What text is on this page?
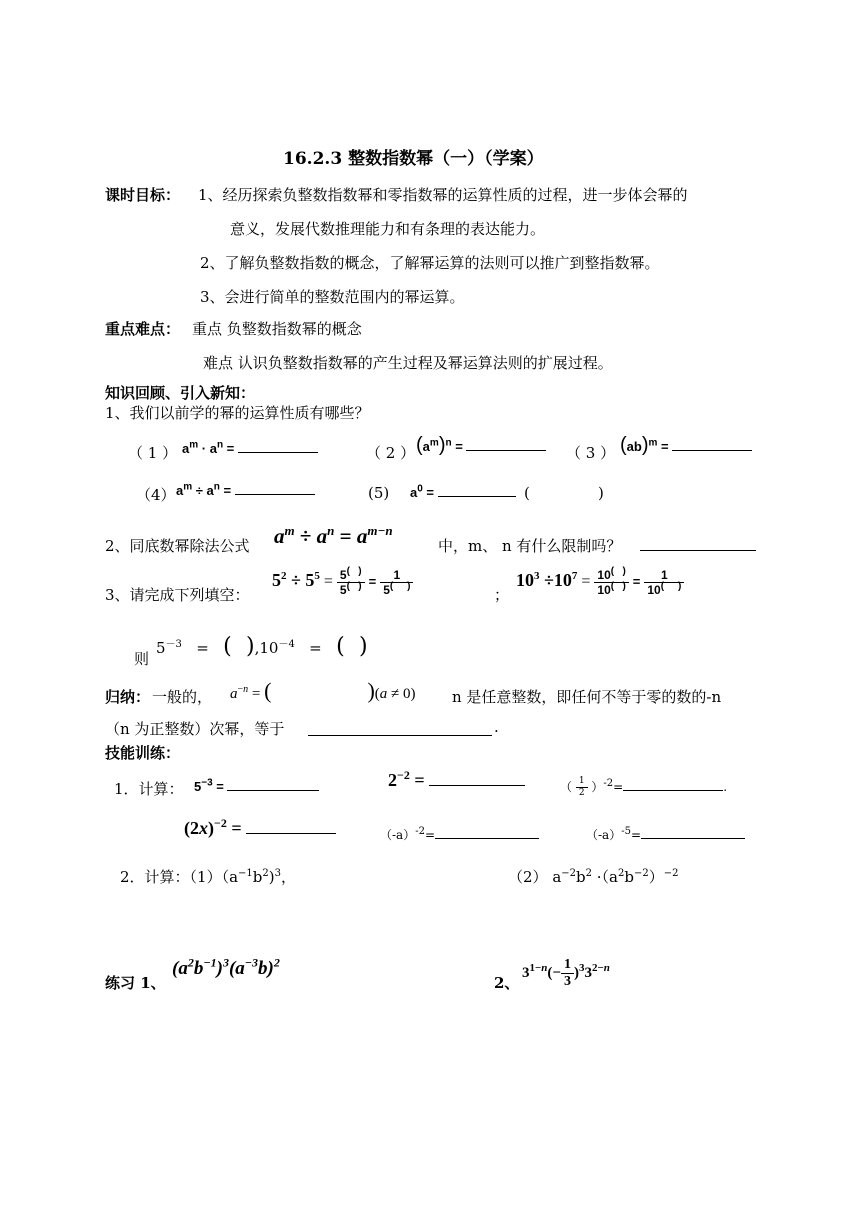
16.2.3 整数指数幂（一）（学案）
课时目标： 1、经历探索负整数指数幂和零指数幂的运算性质的过程，进一步体会幂的
意义，发展代数推理能力和有条理的表达能力。
2、了解负整数指数的概念，了解幂运算的法则可以推广到整指数幂。
3、会进行简单的整数范围内的幂运算。
重点难点： 重点 负整数指数幂的概念
难点 认识负整数指数幂的产生过程及幂运算法则的扩展过程。
知识回顾、引入新知：
1、我们以前学的幂的运算性质有哪些？
（ 1 ） $a^m \cdot a^n$ =	（ 2 ） $(a^m)^n$ =	（ 3 ） (ab)$^m$ =
（4） $a^m \div a^n$ =	(5) $a^0$ =	(	)
2、同底数幂除法公式 $a^m \div a^n = a^{m-n}$
中，m、 n 有什么限制吗？
3、请完成下列填空：
$5^2 \div 5^5 = \frac{5^{( )}}{5^{( )}} = \frac{1}{5^{( )}}$	；
$10^3 \div 10^7 = \frac{10^{( )}}{10^{( )}} = \frac{1}{10^{( )}}$
则
$5^{-3}$ = ( )$,10^{-4}$ = ( )
归纳： 一般的， $a^{-n}$ = (	)(a ≠ 0) n 是任意整数，即任何不等于零的数的-n
（n 为正整数）次幂，等于	.
技能训练：
1．计算： $5^{-3}$ =	$2^{-2}$ =	（ $\frac{1}{2} )^{-2}=$	.
$(2x)^{-2}$ =	$(-a)^{-2}=$	$(-a)^{-5}=$
2．计算：$(1)(a^{-1}b^2)^3$，	（2） $a^{-2}b^2 \cdot(a^2b^{-2})^{-2}$
练习 1、
$(a^2b^{-1})^3(a^{-3}b)^2$
2、
$3^{1-n}(- \frac{1}{3} )^33^{2-n}$
